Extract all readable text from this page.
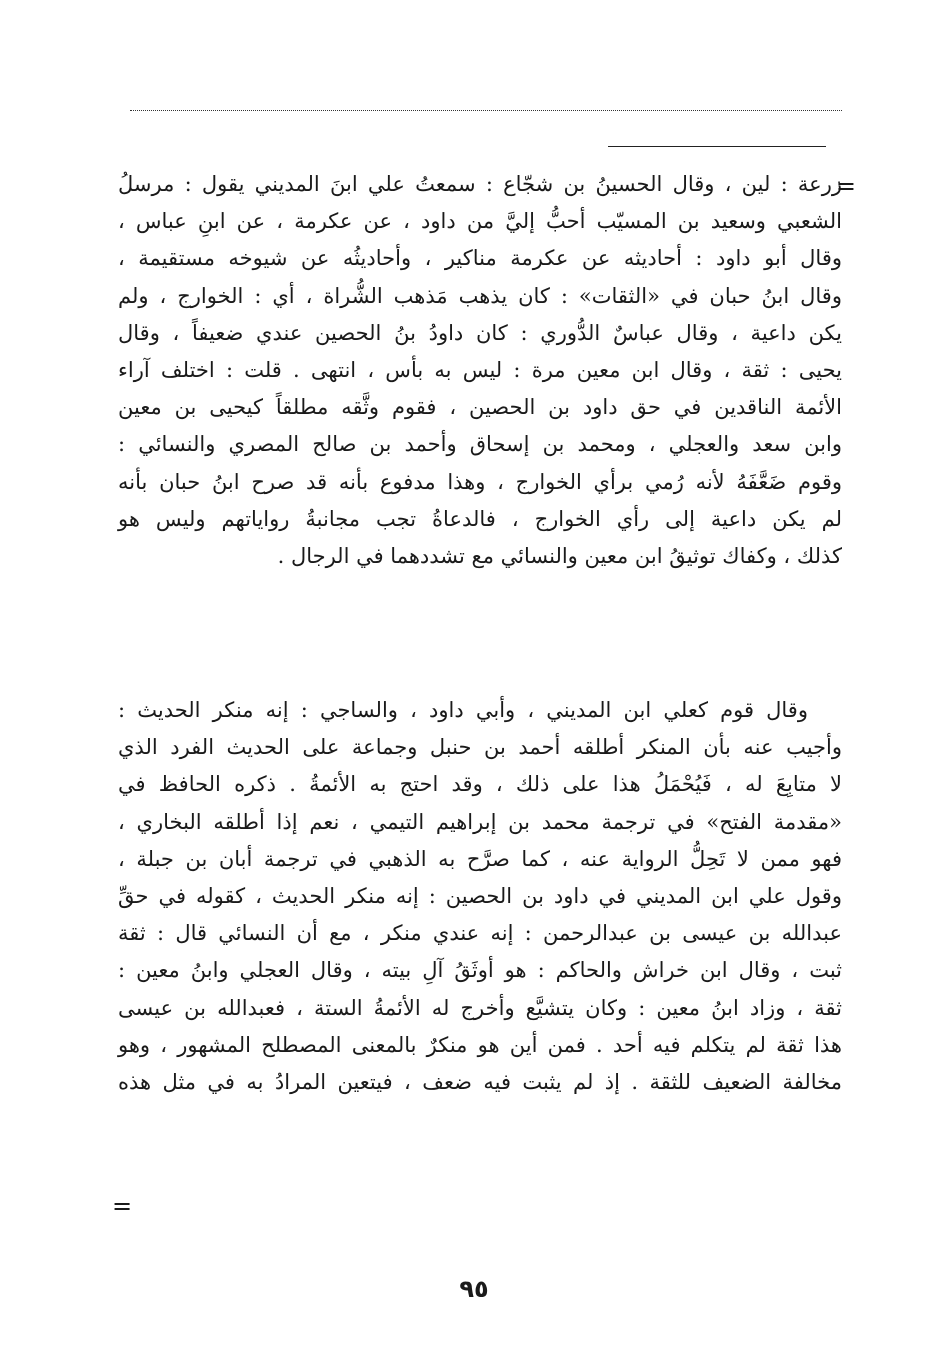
=
زرعة : لين ، وقال الحسينُ بن شجّاع : سمعتُ علي ابنَ المديني يقول : مرسلُ
الشعبي وسعيد بن المسيّب أحبُّ إليَّ من داود ، عن عكرمة ، عن ابنِ عباس ،
وقال أبو داود : أحاديثه عن عكرمة مناكير ، وأحاديثُه عن شيوخه مستقيمة ،
وقال ابنُ حبان في «الثقات» : كان يذهب مَذهب الشُّراة ، أي : الخوارج ، ولم
يكن داعية ، وقال عباسٌ الدُّوري : كان داودُ بنُ الحصين عندي ضعيفاً ، وقال
يحيى : ثقة ، وقال ابن معين مرة : ليس به بأس ، انتهى . قلت : اختلف آراء
الأئمة الناقدين في حق داود بن الحصين ، فقوم وثَّقه مطلقاً كيحيى بن معين
وابن سعد والعجلي ، ومحمد بن إسحاق وأحمد بن صالح المصري والنسائي :
وقوم ضَعَّفَهُ لأنه رُمي برأي الخوارج ، وهذا مدفوع بأنه قد صرح ابنُ حبان بأنه
لم يكن داعية إلى رأي الخوارج ، فالدعاةُ تجب مجانبةُ رواياتهم وليس هو
كذلك ، وكفاك توثيقُ ابن معين والنسائي مع تشددهما في الرجال .
وقال قوم كعلي ابن المديني ، وأبي داود ، والساجي : إنه منكر الحديث :
وأجيب عنه بأن المنكر أطلقه أحمد بن حنبل وجماعة على الحديث الفرد الذي
لا متابِعَ له ، فَيُحْمَلُ هذا على ذلك ، وقد احتج به الأئمةُ . ذكره الحافظ في
«مقدمة الفتح» في ترجمة محمد بن إبراهيم التيمي ، نعم إذا أطلقه البخاري ،
فهو ممن لا تَحِلُّ الرواية عنه ، كما صرَّح به الذهبي في ترجمة أبان بن جبلة ،
وقول علي ابن المديني في داود بن الحصين : إنه منكر الحديث ، كقوله في حقِّ
عبدالله بن عيسى بن عبدالرحمن : إنه عندي منكر ، مع أن النسائي قال : ثقة
ثبت ، وقال ابن خراش والحاكم : هو أوثَقُ آلِ بيته ، وقال العجلي وابنُ معين :
ثقة ، وزاد ابنُ معين : وكان يتشيَّع وأخرج له الأئمةُ الستة ، فعبدالله بن عيسى
هذا ثقة لم يتكلم فيه أحد . فمن أين هو منكرٌ بالمعنى المصطلح المشهور ، وهو
مخالفة الضعيف للثقة . إذ لم يثبت فيه ضعف ، فيتعين المرادُ به في مثل هذه
=
٩٥
